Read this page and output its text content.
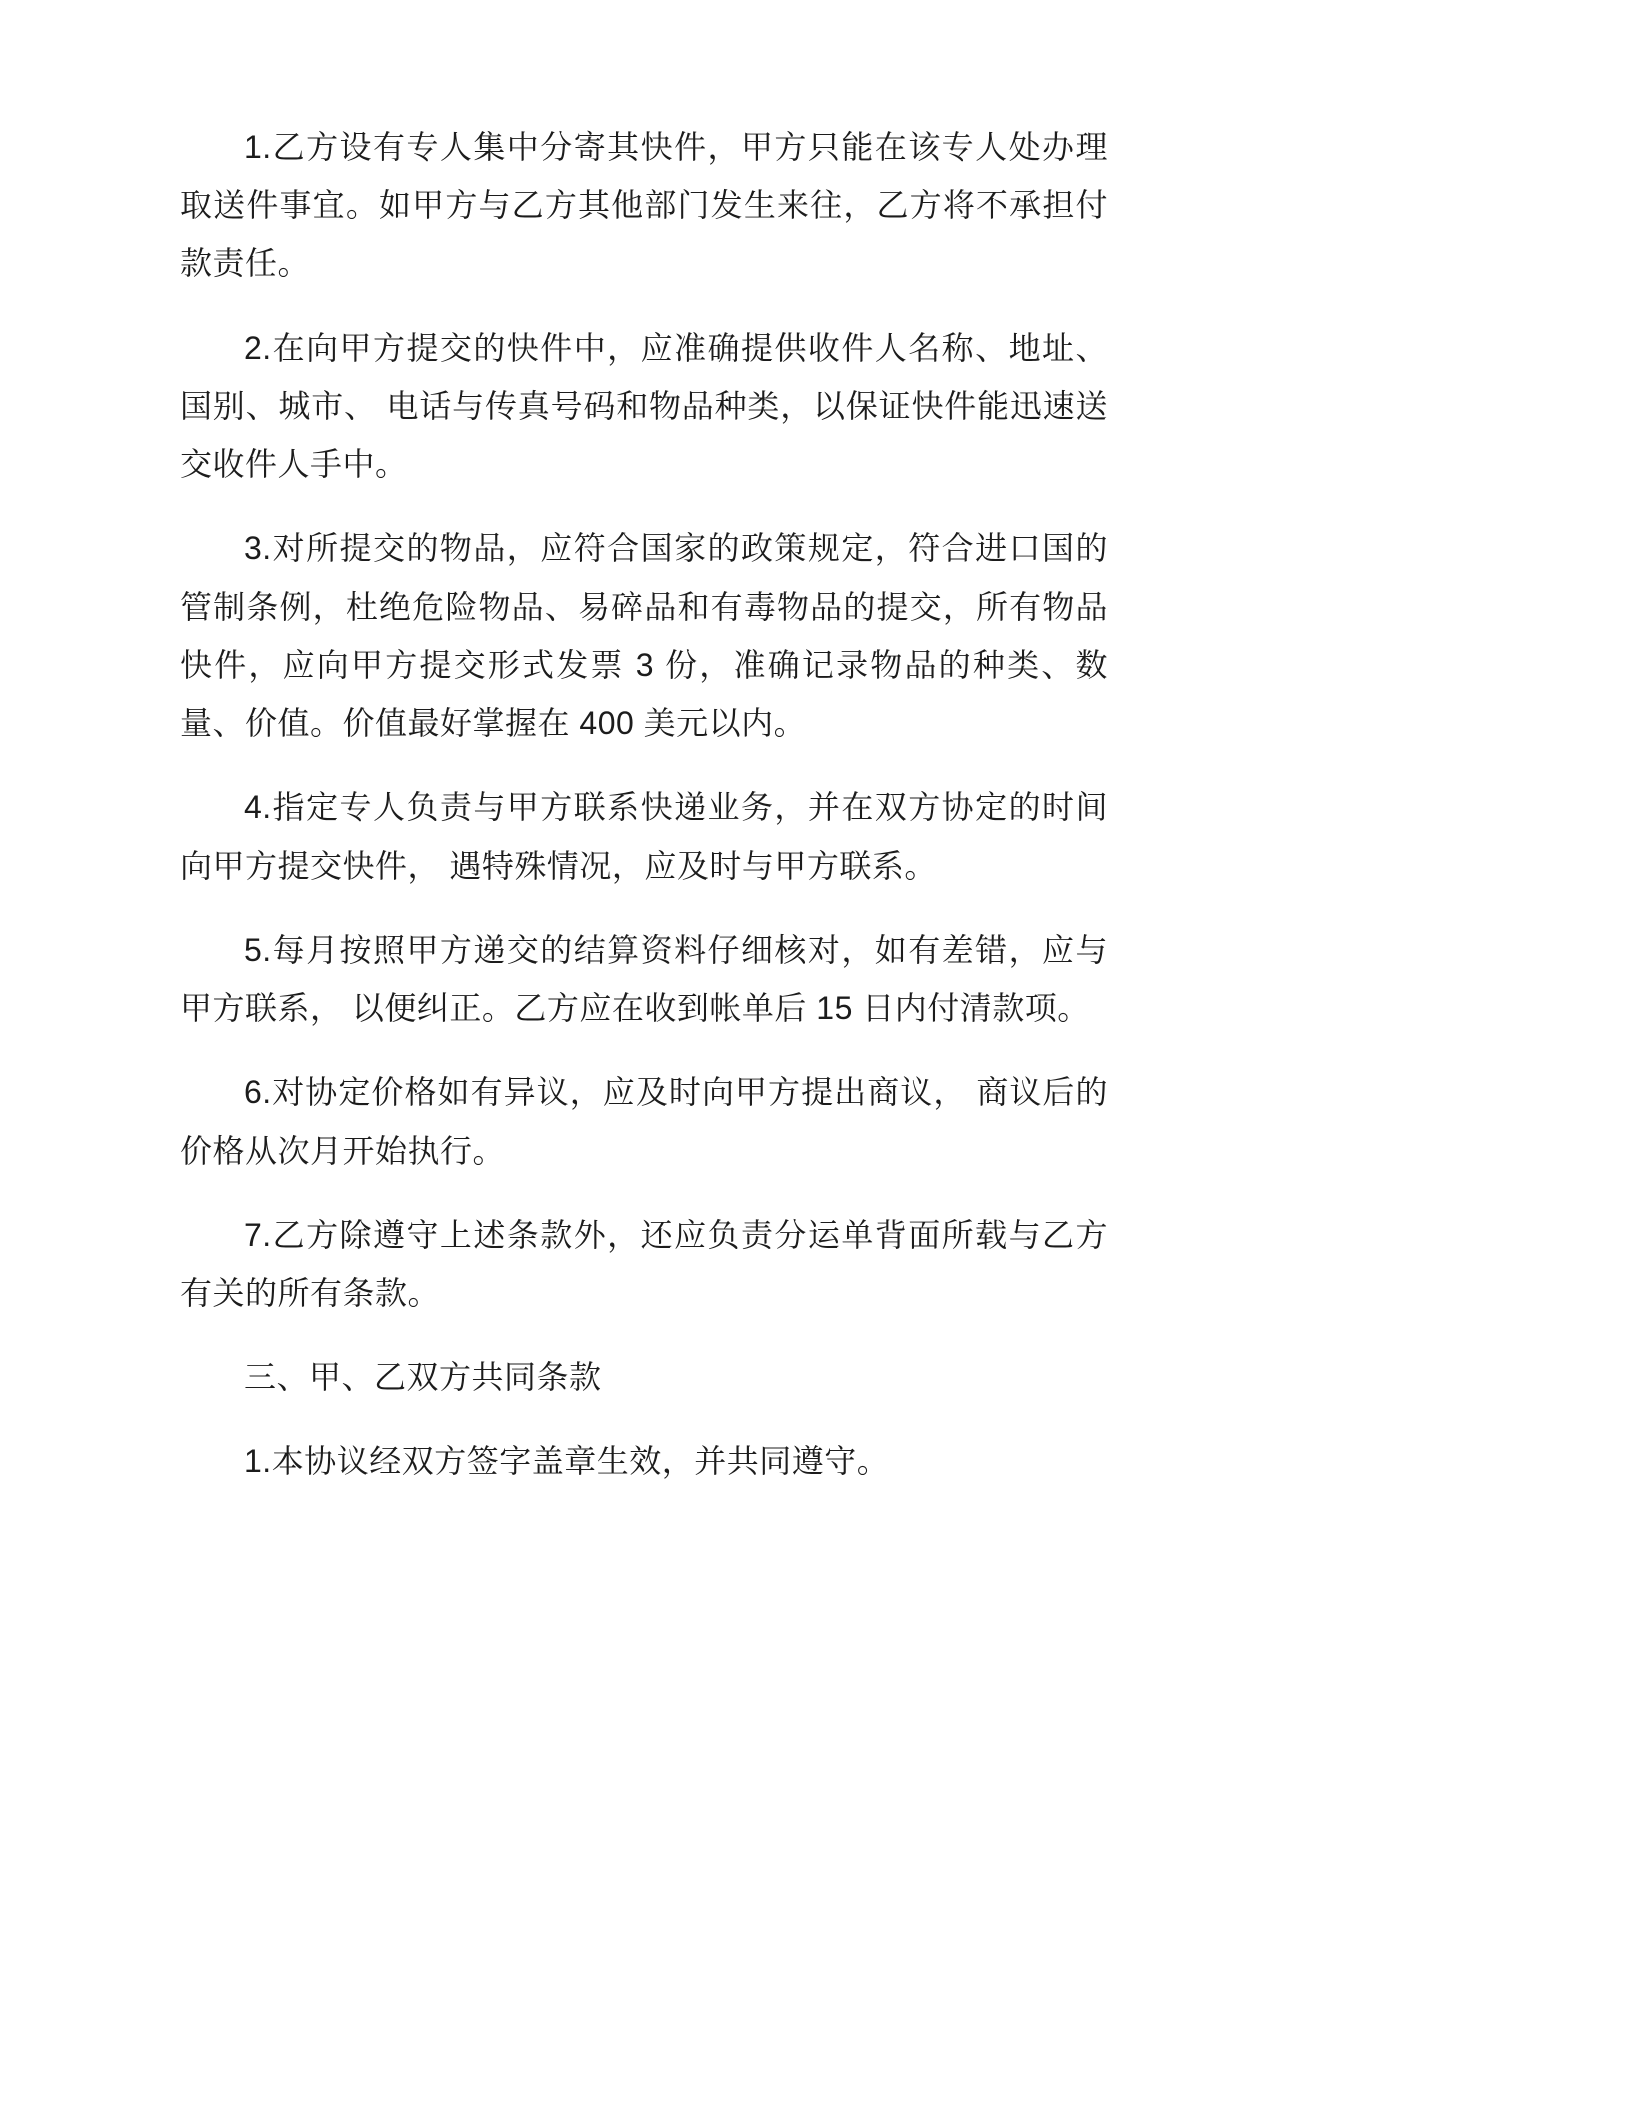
1.乙方设有专人集中分寄其快件，甲方只能在该专人处办理取送件事宜。如甲方与乙方其他部门发生来往，乙方将不承担付款责任。

2.在向甲方提交的快件中，应准确提供收件人名称、地址、国别、城市、 电话与传真号码和物品种类，以保证快件能迅速送交收件人手中。

3.对所提交的物品，应符合国家的政策规定，符合进口国的管制条例，杜绝危险物品、易碎品和有毒物品的提交，所有物品快件，应向甲方提交形式发票 3 份，准确记录物品的种类、数量、价值。价值最好掌握在 400 美元以内。

4.指定专人负责与甲方联系快递业务，并在双方协定的时间向甲方提交快件， 遇特殊情况，应及时与甲方联系。

5.每月按照甲方递交的结算资料仔细核对，如有差错，应与甲方联系， 以便纠正。乙方应在收到帐单后 15 日内付清款项。

6.对协定价格如有异议，应及时向甲方提出商议， 商议后的价格从次月开始执行。

7.乙方除遵守上述条款外，还应负责分运单背面所载与乙方有关的所有条款。

三、甲、乙双方共同条款

1.本协议经双方签字盖章生效，并共同遵守。
